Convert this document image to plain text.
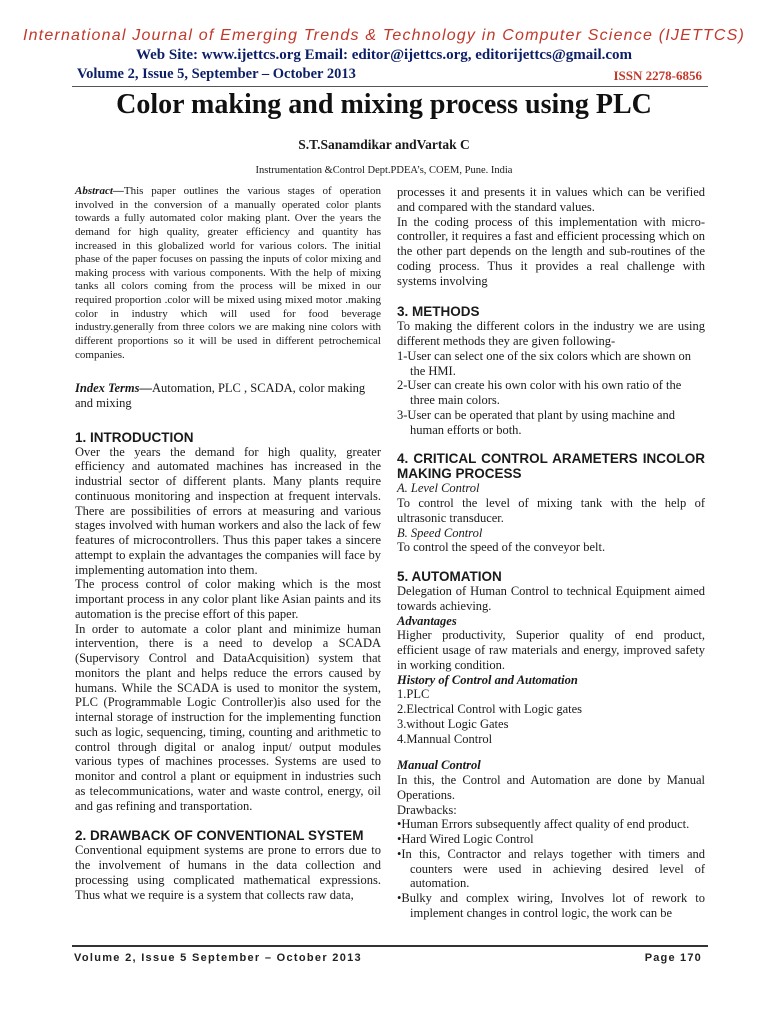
International Journal of Emerging Trends & Technology in Computer Science (IJETTCS)
Web Site: www.ijettcs.org Email: editor@ijettcs.org, editorijettcs@gmail.com
Volume 2, Issue 5, September – October 2013	ISSN 2278-6856
Color making and mixing process using PLC
S.T.Sanamdikar andVartak C
Instrumentation &Control Dept.PDEA’s, COEM, Pune. India

Abstract—This paper outlines the various stages of operation involved in the conversion of a manually operated color plants towards a fully automated color making plant. Over the years the demand for high quality, greater efficiency and quantity has increased in this globalized world for various colors. The initial phase of the paper focuses on passing the inputs of color mixing and making process with various components. With the help of mixing tanks all colors coming from the process will be mixed in our required proportion .color will be mixed using mixed motor .making color in industry which will used for food beverage industry.generally from three colors we are making nine colors with different proportions so it will be used in different petrochemical companies.

Index Terms—Automation, PLC , SCADA, color making and mixing

1. INTRODUCTION

Over the years the demand for high quality, greater efficiency and automated machines has increased in the industrial sector of different plants. Many plants require continuous monitoring and inspection at frequent intervals. There are possibilities of errors at measuring and various stages involved with human workers and also the lack of few features of microcontrollers. Thus this paper takes a sincere attempt to explain the advantages the companies will face by implementing automation into them.

The process control of color making which is the most important process in any color plant like Asian paints and its automation is the precise effort of this paper.

In order to automate a color plant and minimize human intervention, there is a need to develop a SCADA (Supervisory Control and DataAcquisition) system that monitors the plant and helps reduce the errors caused by humans. While the SCADA is used to monitor the system, PLC (Programmable Logic Controller)is also used for the internal storage of instruction for the implementing function such as logic, sequencing, timing, counting and arithmetic to control through digital or analog input/ output modules various types of machines processes. Systems are used to monitor and control a plant or equipment in industries such as telecommunications, water and waste control, energy, oil and gas refining and transportation.

2. DRAWBACK OF CONVENTIONAL SYSTEM

Conventional equipment systems are prone to errors due to the involvement of humans in the data collection and processing using complicated mathematical expressions. Thus what we require is a system that collects raw data,

processes it and presents it in values which can be verified and compared with the standard values.

In the coding process of this implementation with micro-controller, it requires a fast and efficient processing which on the other part depends on the length and sub-routines of the coding process. Thus it provides a real challenge with systems involving

3. METHODS

To making the different colors in the industry we are using different methods they are given following-

1-User can select one of the six colors which are shown on the HMI.
2-User can create his own color with his own ratio of the three main colors.
3-User can be operated that plant by using machine and human efforts or both.

4. CRITICAL CONTROL ARAMETERS INCOLOR MAKING PROCESS

A. Level Control

To control the level of mixing tank with the help of ultrasonic transducer.

B. Speed Control

To control the speed of the conveyor belt.

5. AUTOMATION

Delegation of Human Control to technical Equipment aimed towards achieving.

Advantages

Higher productivity, Superior quality of end product, efficient usage of raw materials and energy, improved safety in working condition.

History of Control and Automation

1.PLC
2.Electrical Control with Logic gates
3.without Logic Gates
4.Mannual Control

Manual Control

In this, the Control and Automation are done by Manual Operations.

Drawbacks:

•Human Errors subsequently affect quality of end product.
•Hard Wired Logic Control
•In this, Contractor and relays together with timers and counters were used in achieving desired level of automation.
•Bulky and complex wiring, Involves lot of rework to implement changes in control logic, the work can be
Volume 2, Issue 5 September – October 2013	Page 170
